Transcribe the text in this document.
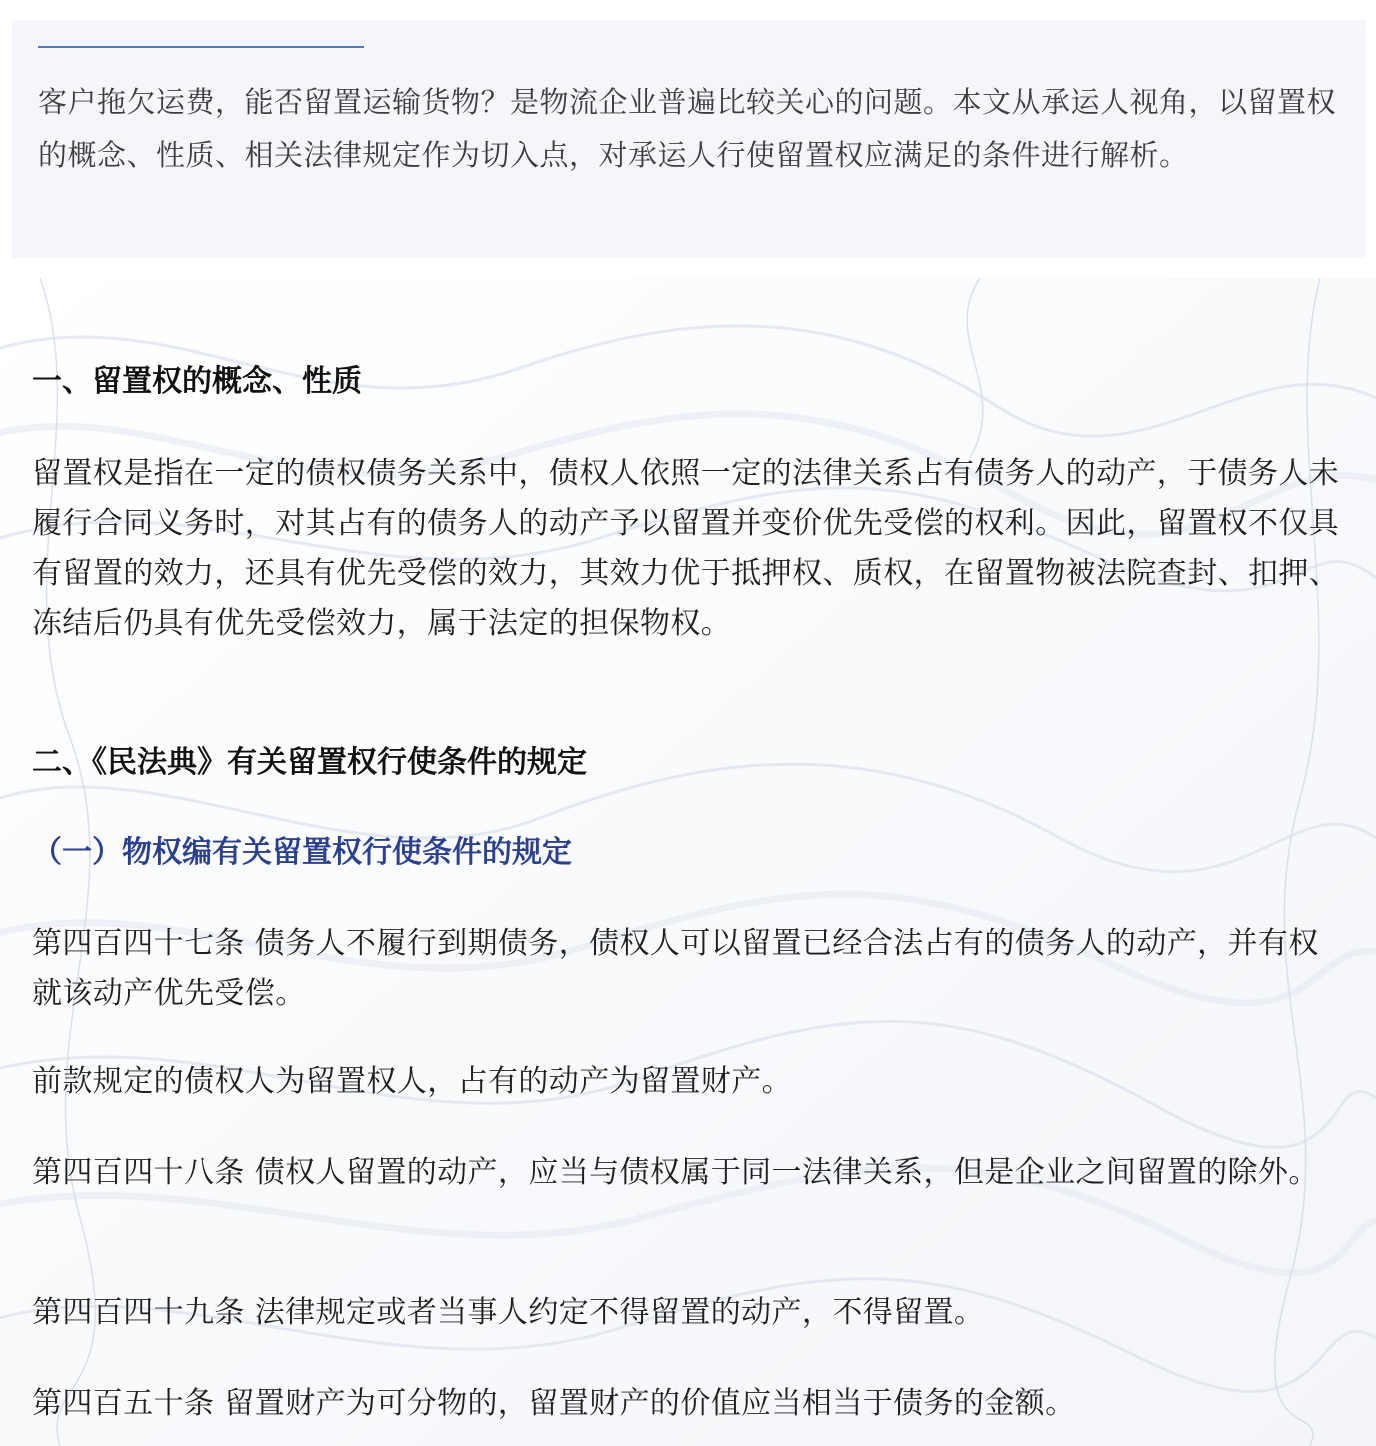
客户拖欠运费，能否留置运输货物？是物流企业普遍比较关心的问题。本文从承运人视角，以留置权的概念、性质、相关法律规定作为切入点，对承运人行使留置权应满足的条件进行解析。

一、留置权的概念、性质

留置权是指在一定的债权债务关系中，债权人依照一定的法律关系占有债务人的动产，于债务人未履行合同义务时，对其占有的债务人的动产予以留置并变价优先受偿的权利。因此，留置权不仅具有留置的效力，还具有优先受偿的效力，其效力优于抵押权、质权，在留置物被法院查封、扣押、冻结后仍具有优先受偿效力，属于法定的担保物权。

二、《民法典》有关留置权行使条件的规定
（一）物权编有关留置权行使条件的规定

第四百四十七条 债务人不履行到期债务，债权人可以留置已经合法占有的债务人的动产，并有权就该动产优先受偿。

前款规定的债权人为留置权人，占有的动产为留置财产。

第四百四十八条 债权人留置的动产，应当与债权属于同一法律关系，但是企业之间留置的除外。

第四百四十九条 法律规定或者当事人约定不得留置的动产，不得留置。

第四百五十条 留置财产为可分物的，留置财产的价值应当相当于债务的金额。
